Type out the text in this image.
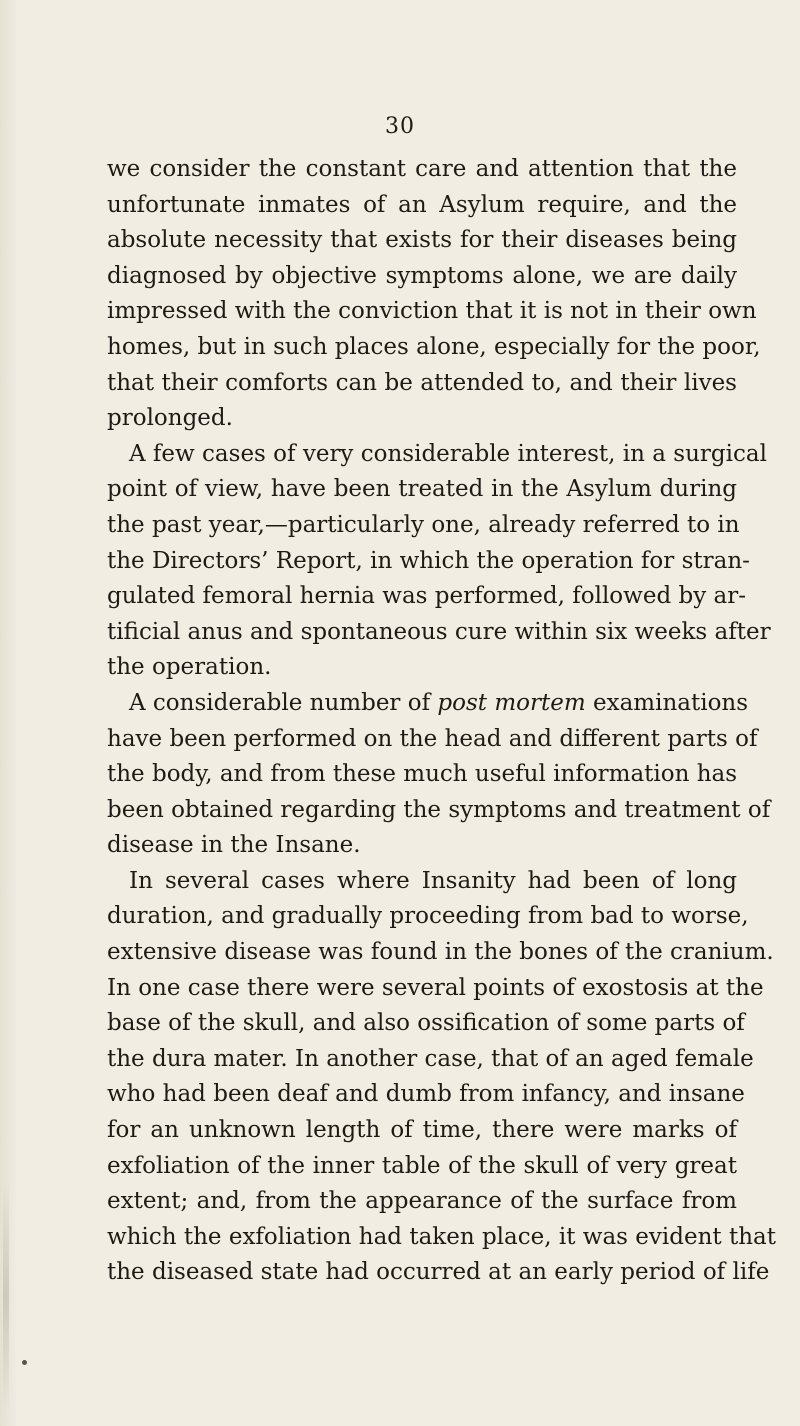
30

we consider the constant care and attention that the
unfortunate inmates of an Asylum require, and the
absolute necessity that exists for their diseases being
diagnosed by objective symptoms alone, we are daily
impressed with the conviction that it is not in their own
homes, but in such places alone, especially for the poor,
that their comforts can be attended to, and their lives
prolonged.

A few cases of very considerable interest, in a surgical
point of view, have been treated in the Asylum during
the past year,—particularly one, already referred to in
the Directors’ Report, in which the operation for stran-
gulated femoral hernia was performed, followed by ar-
tificial anus and spontaneous cure within six weeks after
the operation.

A considerable number of post mortem examinations
have been performed on the head and different parts of
the body, and from these much useful information has
been obtained regarding the symptoms and treatment of
disease in the Insane.

In several cases where Insanity had been of long
duration, and gradually proceeding from bad to worse,
extensive disease was found in the bones of the cranium.
In one case there were several points of exostosis at the
base of the skull, and also ossification of some parts of
the dura mater. In another case, that of an aged female
who had been deaf and dumb from infancy, and insane
for an unknown length of time, there were marks of
exfoliation of the inner table of the skull of very great
extent; and, from the appearance of the surface from
which the exfoliation had taken place, it was evident that
the diseased state had occurred at an early period of life
